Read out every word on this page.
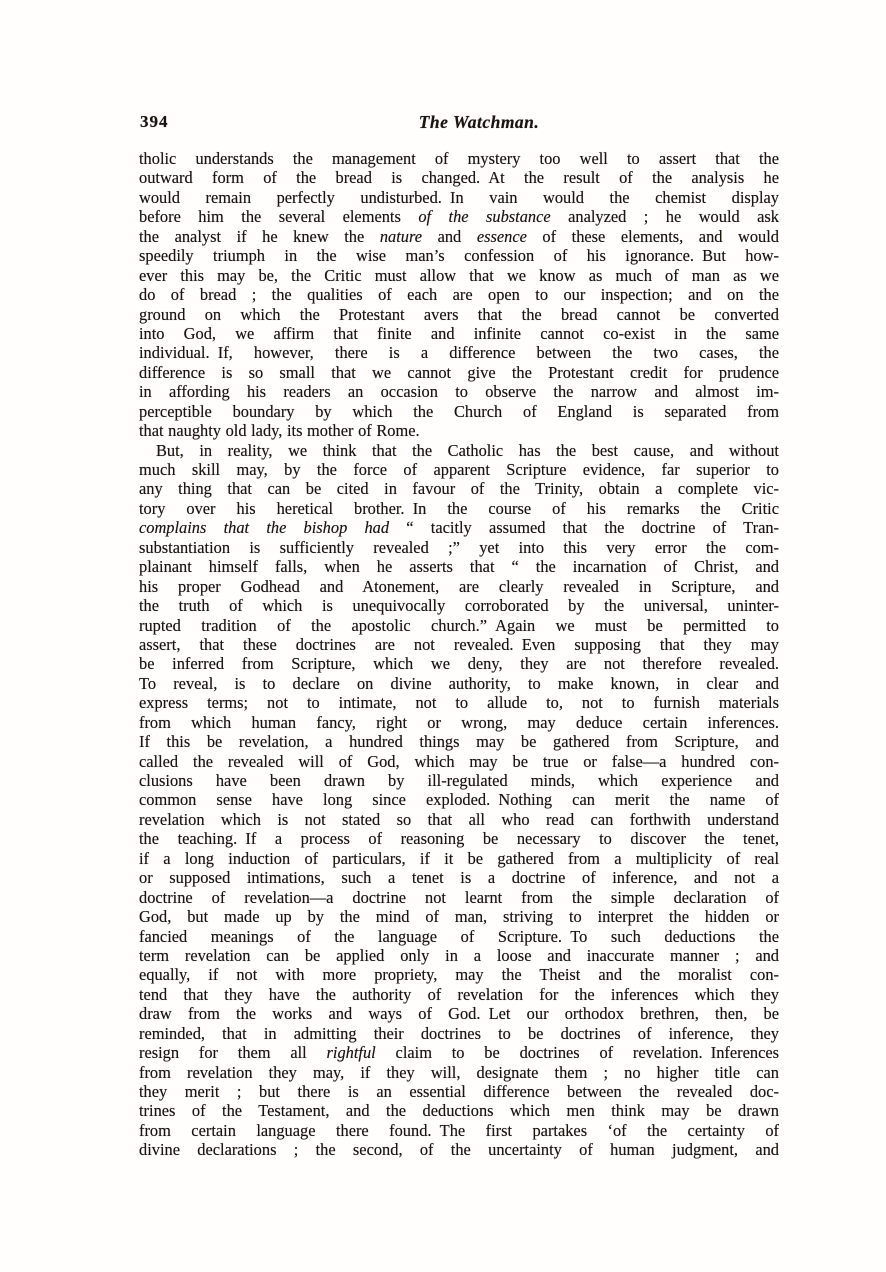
394	The Watchman.
tholic understands the management of mystery too well to assert that the
outward form of the bread is changed. At the result of the analysis he
would remain perfectly undisturbed. In vain would the chemist display
before him the several elements of the substance analyzed ; he would ask
the analyst if he knew the nature and essence of these elements, and would
speedily triumph in the wise man’s confession of his ignorance. But how-
ever this may be, the Critic must allow that we know as much of man as we
do of bread ; the qualities of each are open to our inspection; and on the
ground on which the Protestant avers that the bread cannot be converted
into God, we affirm that finite and infinite cannot co-exist in the same
individual. If, however, there is a difference between the two cases, the
difference is so small that we cannot give the Protestant credit for prudence
in affording his readers an occasion to observe the narrow and almost im-
perceptible boundary by which the Church of England is separated from
that naughty old lady, its mother of Rome.
But, in reality, we think that the Catholic has the best cause, and without
much skill may, by the force of apparent Scripture evidence, far superior to
any thing that can be cited in favour of the Trinity, obtain a complete vic-
tory over his heretical brother. In the course of his remarks the Critic
complains that the bishop had “ tacitly assumed that the doctrine of Tran-
substantiation is sufficiently revealed ;” yet into this very error the com-
plainant himself falls, when he asserts that “ the incarnation of Christ, and
his proper Godhead and Atonement, are clearly revealed in Scripture, and
the truth of which is unequivocally corroborated by the universal, uninter-
rupted tradition of the apostolic church.” Again we must be permitted to
assert, that these doctrines are not revealed. Even supposing that they may
be inferred from Scripture, which we deny, they are not therefore revealed.
To reveal, is to declare on divine authority, to make known, in clear and
express terms; not to intimate, not to allude to, not to furnish materials
from which human fancy, right or wrong, may deduce certain inferences.
If this be revelation, a hundred things may be gathered from Scripture, and
called the revealed will of God, which may be true or false—a hundred con-
clusions have been drawn by ill-regulated minds, which experience and
common sense have long since exploded. Nothing can merit the name of
revelation which is not stated so that all who read can forthwith understand
the teaching. If a process of reasoning be necessary to discover the tenet,
if a long induction of particulars, if it be gathered from a multiplicity of real
or supposed intimations, such a tenet is a doctrine of inference, and not a
doctrine of revelation—a doctrine not learnt from the simple declaration of
God, but made up by the mind of man, striving to interpret the hidden or
fancied meanings of the language of Scripture. To such deductions the
term revelation can be applied only in a loose and inaccurate manner ; and
equally, if not with more propriety, may the Theist and the moralist con-
tend that they have the authority of revelation for the inferences which they
draw from the works and ways of God. Let our orthodox brethren, then, be
reminded, that in admitting their doctrines to be doctrines of inference, they
resign for them all rightful claim to be doctrines of revelation. Inferences
from revelation they may, if they will, designate them ; no higher title can
they merit ; but there is an essential difference between the revealed doc-
trines of the Testament, and the deductions which men think may be drawn
from certain language there found. The first partakes ‘of the certainty of
divine declarations ; the second, of the uncertainty of human judgment, and
